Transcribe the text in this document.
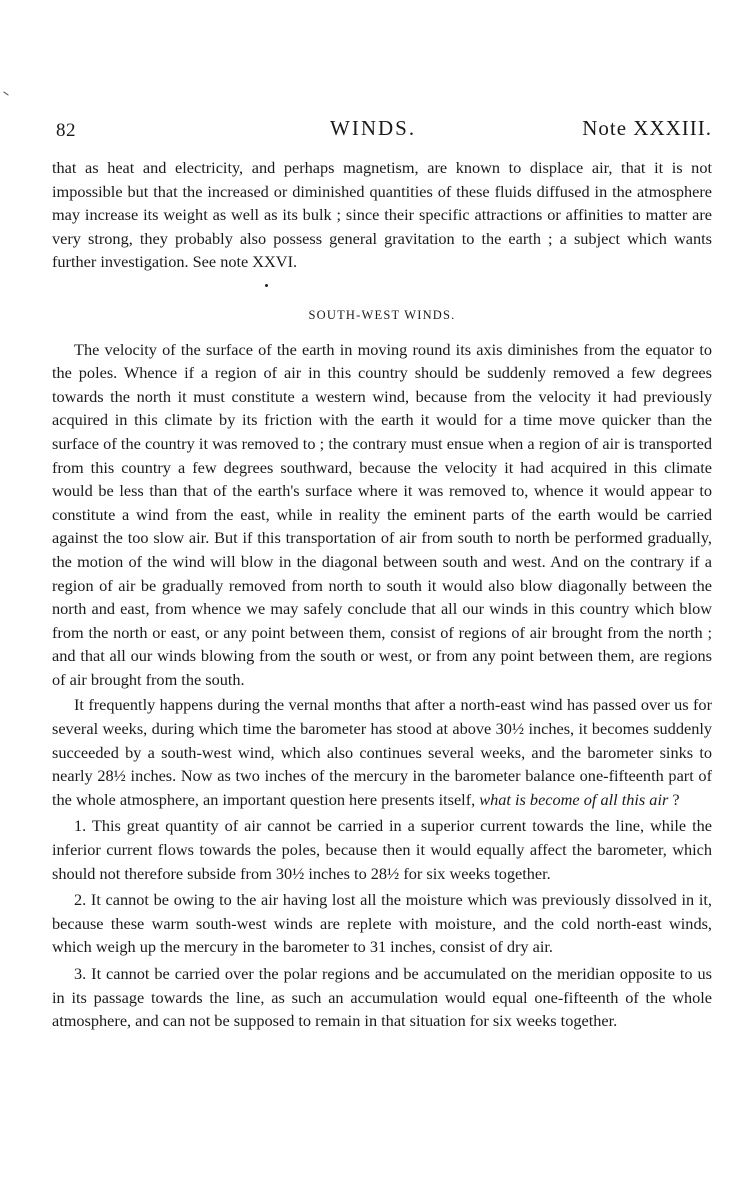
82	WINDS.	Note XXXIII.

that as heat and electricity, and perhaps magnetism, are known to displace air, that it is not impossible but that the increased or diminished quantities of these fluids diffused in the atmosphere may increase its weight as well as its bulk ; since their specific attractions or affinities to matter are very strong, they probably also possess general gravitation to the earth ; a subject which wants further investigation. See note XXVI.

SOUTH-WEST WINDS.

The velocity of the surface of the earth in moving round its axis diminishes from the equator to the poles. Whence if a region of air in this country should be suddenly removed a few degrees towards the north it must constitute a western wind, because from the velocity it had previously acquired in this climate by its friction with the earth it would for a time move quicker than the surface of the country it was removed to ; the contrary must ensue when a region of air is transported from this country a few degrees southward, because the velocity it had acquired in this climate would be less than that of the earth's surface where it was removed to, whence it would appear to constitute a wind from the east, while in reality the eminent parts of the earth would be carried against the too slow air. But if this transportation of air from south to north be performed gradually, the motion of the wind will blow in the diagonal between south and west. And on the contrary if a region of air be gradually removed from north to south it would also blow diagonally between the north and east, from whence we may safely conclude that all our winds in this country which blow from the north or east, or any point between them, consist of regions of air brought from the north ; and that all our winds blowing from the south or west, or from any point between them, are regions of air brought from the south.

It frequently happens during the vernal months that after a north-east wind has passed over us for several weeks, during which time the barometer has stood at above 30½ inches, it becomes suddenly succeeded by a south-west wind, which also continues several weeks, and the barometer sinks to nearly 28½ inches. Now as two inches of the mercury in the barometer balance one-fifteenth part of the whole atmosphere, an important question here presents itself, what is become of all this air ?

1. This great quantity of air cannot be carried in a superior current towards the line, while the inferior current flows towards the poles, because then it would equally affect the barometer, which should not therefore subside from 30½ inches to 28½ for six weeks together.

2. It cannot be owing to the air having lost all the moisture which was previously dissolved in it, because these warm south-west winds are replete with moisture, and the cold north-east winds, which weigh up the mercury in the barometer to 31 inches, consist of dry air.

3. It cannot be carried over the polar regions and be accumulated on the meridian opposite to us in its passage towards the line, as such an accumulation would equal one-fifteenth of the whole atmosphere, and can not be supposed to remain in that situation for six weeks together.
